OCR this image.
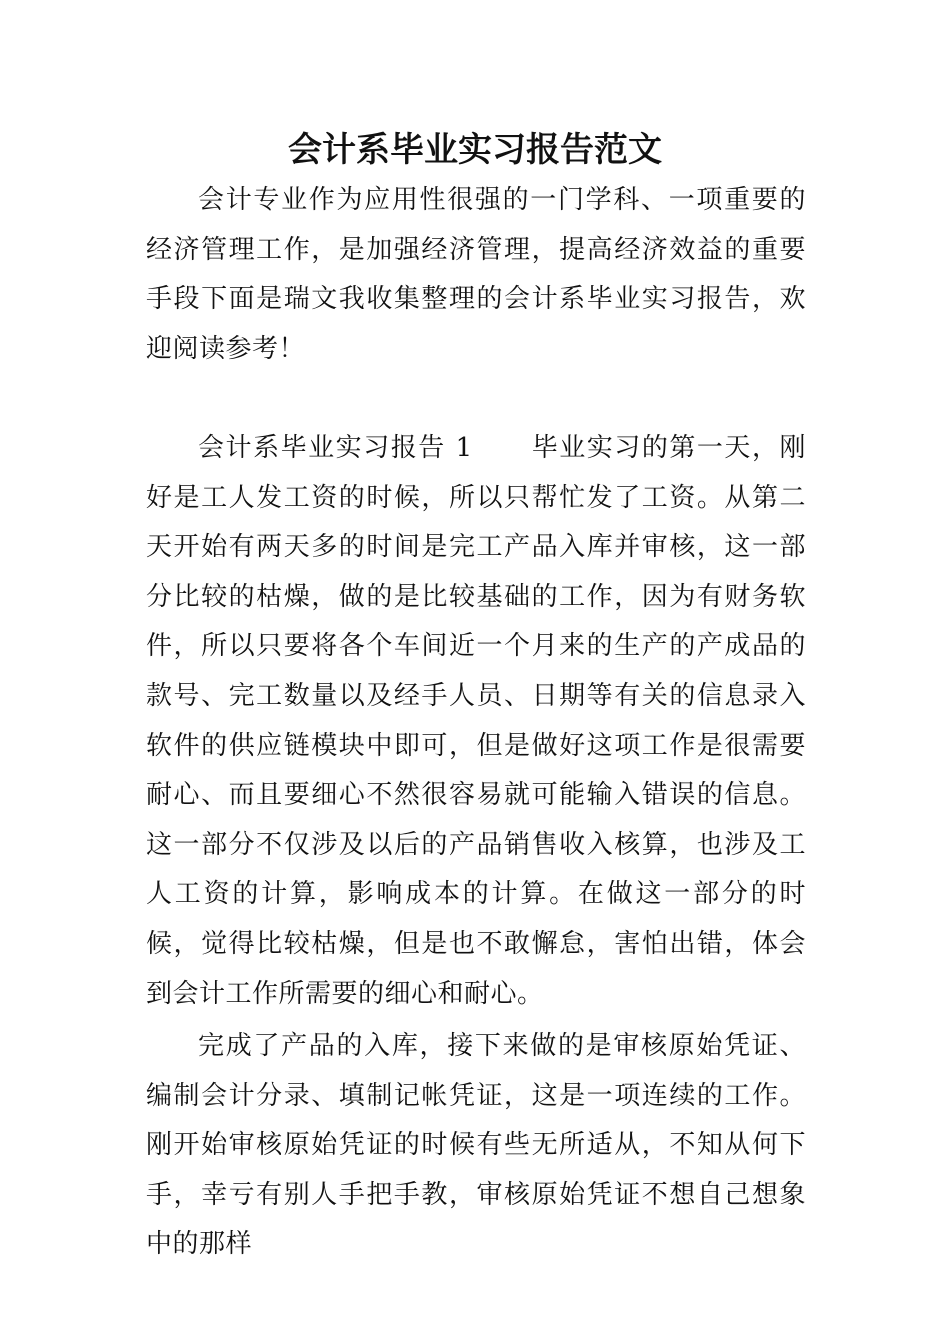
会计系毕业实习报告范文

会计专业作为应用性很强的一门学科、一项重要的经济管理工作，是加强经济管理，提高经济效益的重要手段下面是瑞文我收集整理的会计系毕业实习报告，欢迎阅读参考！

会计系毕业实习报告 1 毕业实习的第一天，刚好是工人发工资的时候，所以只帮忙发了工资。从第二天开始有两天多的时间是完工产品入库并审核，这一部分比较的枯燥，做的是比较基础的工作，因为有财务软件，所以只要将各个车间近一个月来的生产的产成品的款号、完工数量以及经手人员、日期等有关的信息录入软件的供应链模块中即可，但是做好这项工作是很需要耐心、而且要细心不然很容易就可能输入错误的信息。这一部分不仅涉及以后的产品销售收入核算，也涉及工人工资的计算，影响成本的计算。在做这一部分的时候，觉得比较枯燥，但是也不敢懈怠，害怕出错，体会到会计工作所需要的细心和耐心。

完成了产品的入库，接下来做的是审核原始凭证、编制会计分录、填制记帐凭证，这是一项连续的工作。刚开始审核原始凭证的时候有些无所适从，不知从何下手，幸亏有别人手把手教，审核原始凭证不想自己想象中的那样
